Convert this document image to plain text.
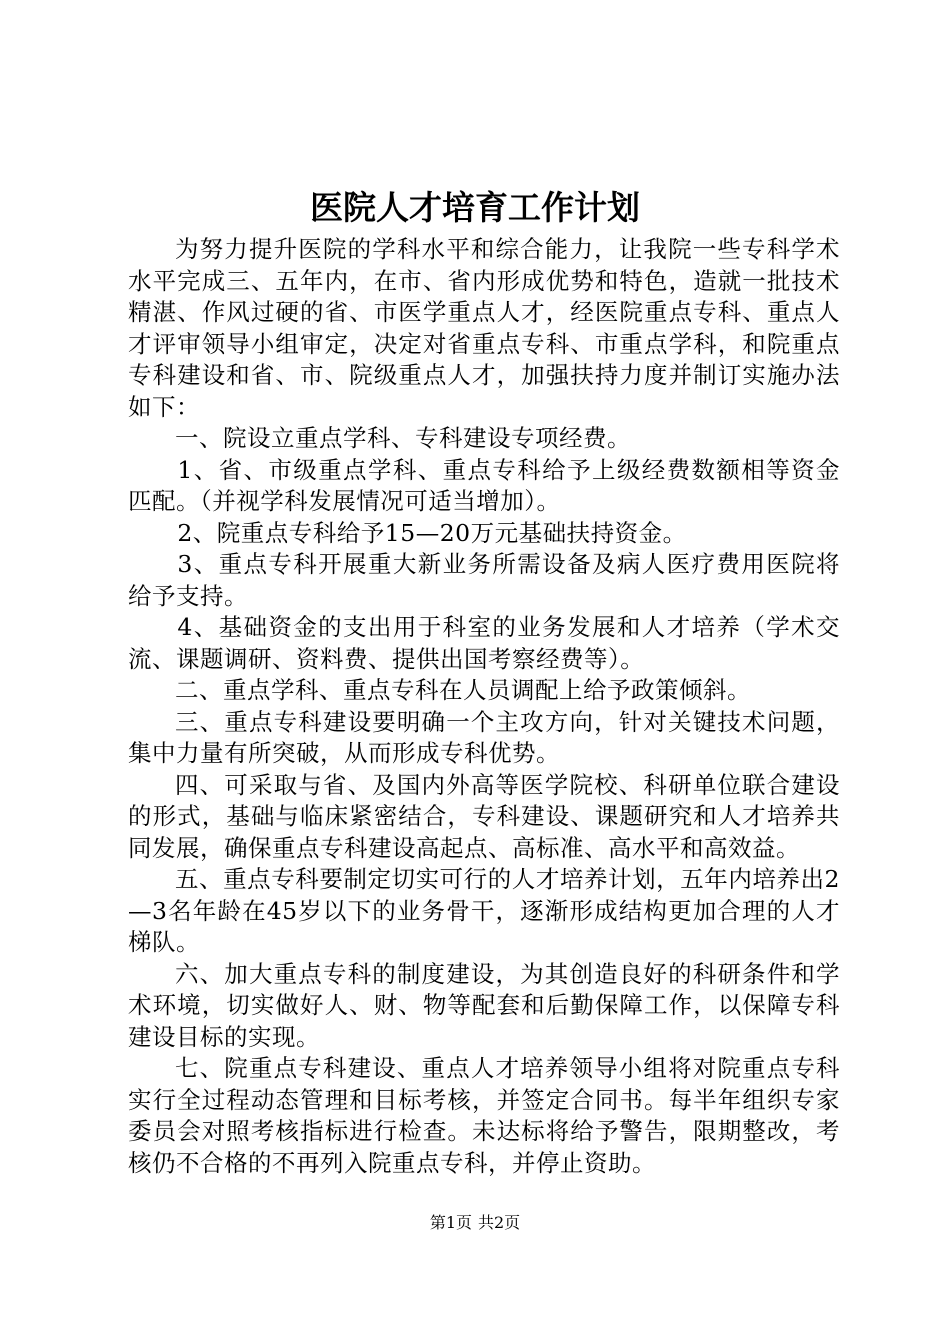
医院人才培育工作计划

为努力提升医院的学科水平和综合能力，让我院一些专科学术水平完成三、五年内，在市、省内形成优势和特色，造就一批技术精湛、作风过硬的省、市医学重点人才，经医院重点专科、重点人才评审领导小组审定，决定对省重点专科、市重点学科，和院重点专科建设和省、市、院级重点人才，加强扶持力度并制订实施办法如下：

一、院设立重点学科、专科建设专项经费。

1、省、市级重点学科、重点专科给予上级经费数额相等资金匹配。（并视学科发展情况可适当增加）。

2、院重点专科给予15—20万元基础扶持资金。

3、重点专科开展重大新业务所需设备及病人医疗费用医院将给予支持。

4、基础资金的支出用于科室的业务发展和人才培养（学术交流、课题调研、资料费、提供出国考察经费等）。

二、重点学科、重点专科在人员调配上给予政策倾斜。

三、重点专科建设要明确一个主攻方向，针对关键技术问题，集中力量有所突破，从而形成专科优势。

四、可采取与省、及国内外高等医学院校、科研单位联合建设的形式，基础与临床紧密结合，专科建设、课题研究和人才培养共同发展，确保重点专科建设高起点、高标准、高水平和高效益。

五、重点专科要制定切实可行的人才培养计划，五年内培养出2—3名年龄在45岁以下的业务骨干，逐渐形成结构更加合理的人才梯队。

六、加大重点专科的制度建设，为其创造良好的科研条件和学术环境，切实做好人、财、物等配套和后勤保障工作，以保障专科建设目标的实现。

七、院重点专科建设、重点人才培养领导小组将对院重点专科实行全过程动态管理和目标考核，并签定合同书。每半年组织专家委员会对照考核指标进行检查。未达标将给予警告，限期整改，考核仍不合格的不再列入院重点专科，并停止资助。

第1页 共2页
